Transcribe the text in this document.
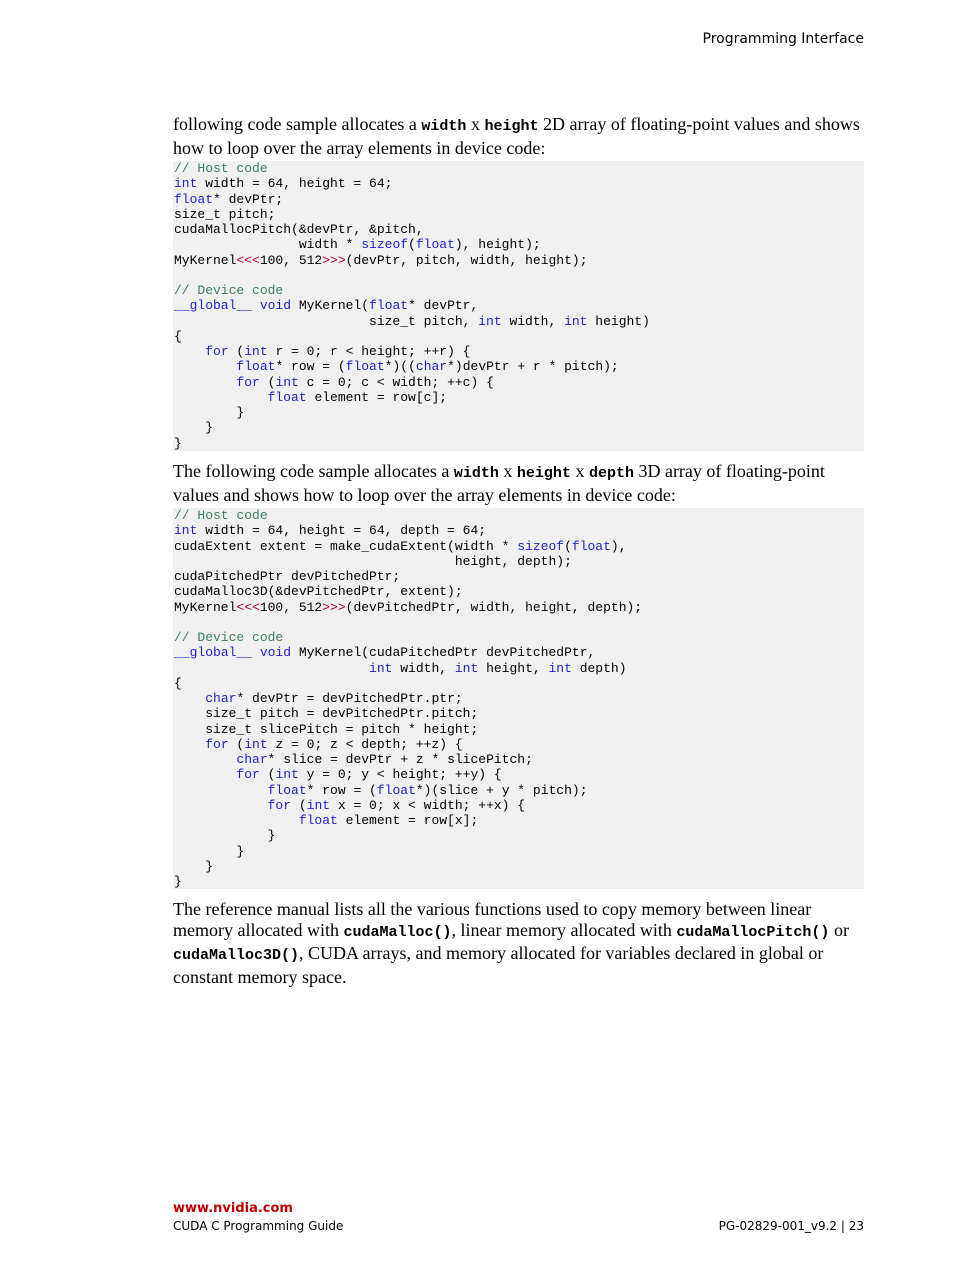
Programming Interface

following code sample allocates a width x height 2D array of floating-point values and shows how to loop over the array elements in device code:

// Host code
int width = 64, height = 64;
float* devPtr;
size_t pitch;
cudaMallocPitch(&devPtr, &pitch,
width * sizeof(float), height);
MyKernel<<<100, 512>>>(devPtr, pitch, width, height);
// Device code
__global__ void MyKernel(float* devPtr,
size_t pitch, int width, int height)
{
for (int r = 0; r < height; ++r) {
float* row = (float*)((char*)devPtr + r * pitch);
for (int c = 0; c < width; ++c) {
float element = row[c];
}
}
}

The following code sample allocates a width x height x depth 3D array of floating-point values and shows how to loop over the array elements in device code:

// Host code
int width = 64, height = 64, depth = 64;
cudaExtent extent = make_cudaExtent(width * sizeof(float),
height, depth);
cudaPitchedPtr devPitchedPtr;
cudaMalloc3D(&devPitchedPtr, extent);
MyKernel<<<100, 512>>>(devPitchedPtr, width, height, depth);
// Device code
__global__ void MyKernel(cudaPitchedPtr devPitchedPtr,
int width, int height, int depth)
{
char* devPtr = devPitchedPtr.ptr;
size_t pitch = devPitchedPtr.pitch;
size_t slicePitch = pitch * height;
for (int z = 0; z < depth; ++z) {
char* slice = devPtr + z * slicePitch;
for (int y = 0; y < height; ++y) {
float* row = (float*)(slice + y * pitch);
for (int x = 0; x < width; ++x) {
float element = row[x];
}
}
}
}

The reference manual lists all the various functions used to copy memory between linear memory allocated with cudaMalloc(), linear memory allocated with cudaMallocPitch() or cudaMalloc3D(), CUDA arrays, and memory allocated for variables declared in global or constant memory space.

www.nvidia.com
CUDA C Programming Guide	PG-02829-001_v9.2 | 23
